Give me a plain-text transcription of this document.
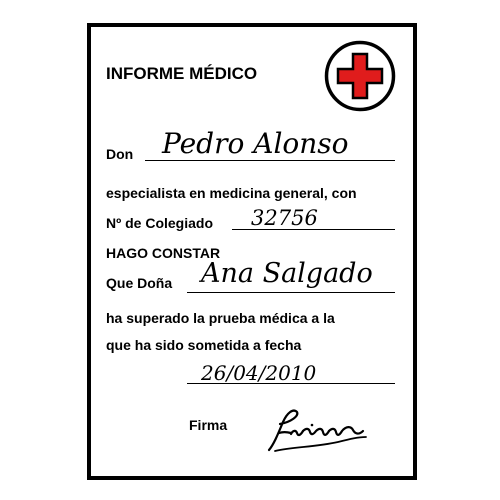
INFORME MÉDICO
Don Pedro Alonso
especialista en medicina general, con
Nº de Colegiado 32756
HAGO CONSTAR
Que Doña Ana Salgado
ha superado la prueba médica a la
que ha sido sometida a fecha
26/04/2010
Firma
